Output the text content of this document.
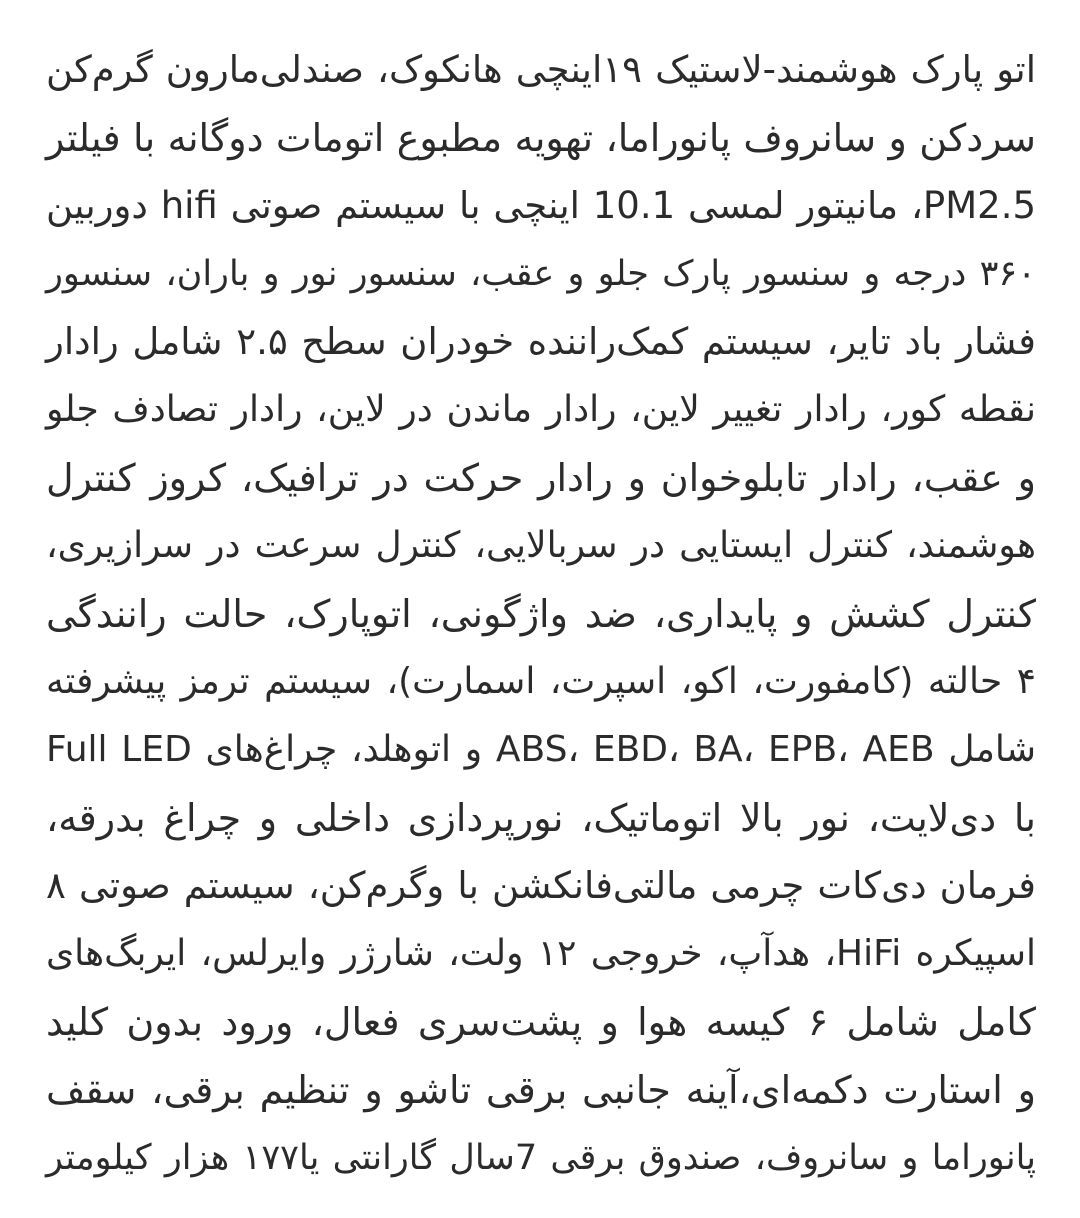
اتو پارک هوشمند-لاستیک ۱۹اینچی هانکوک، صندلی‌مارون گرم‌کن
سردکن و سانروف پانوراما، تهویه مطبوع اتومات دوگانه با فیلتر
PM2.5، مانیتور لمسی 10.1 اینچی با سیستم صوتی hifi دوربین
۳۶۰ درجه و سنسور پارک جلو و عقب، سنسور نور و باران، سنسور
فشار باد تایر، سیستم کمک‌راننده خودران سطح ۲.۵ شامل رادار
نقطه کور، رادار تغییر لاین، رادار ماندن در لاین، رادار تصادف جلو
و عقب، رادار تابلوخوان و رادار حرکت در ترافیک، کروز کنترل
هوشمند، کنترل ایستایی در سربالایی، کنترل سرعت در سرازیری،
کنترل کشش و پایداری، ضد واژگونی، اتوپارک، حالت رانندگی
۴ حالته (کامفورت، اکو، اسپرت، اسمارت)، سیستم ترمز پیشرفته
شامل ABS، EBD، BA، EPB، AEB و اتوهلد، چراغ‌های Full LED
با دی‌لایت، نور بالا اتوماتیک، نورپردازی داخلی و چراغ بدرقه،
فرمان دی‌کات چرمی مالتی‌فانکشن با وگرم‌کن، سیستم صوتی ۸
اسپیکره HiFi، هدآپ، خروجی ۱۲ ولت، شارژر وایرلس، ایربگ‌های
کامل شامل ۶ کیسه هوا و پشت‌سری فعال، ورود بدون کلید
و استارت دکمه‌ای،آینه جانبی برقی تاشو و تنظیم برقی، سقف
پانوراما و سانروف، صندوق برقی 7سال گارانتی یا۱۷۷ هزار کیلومتر
